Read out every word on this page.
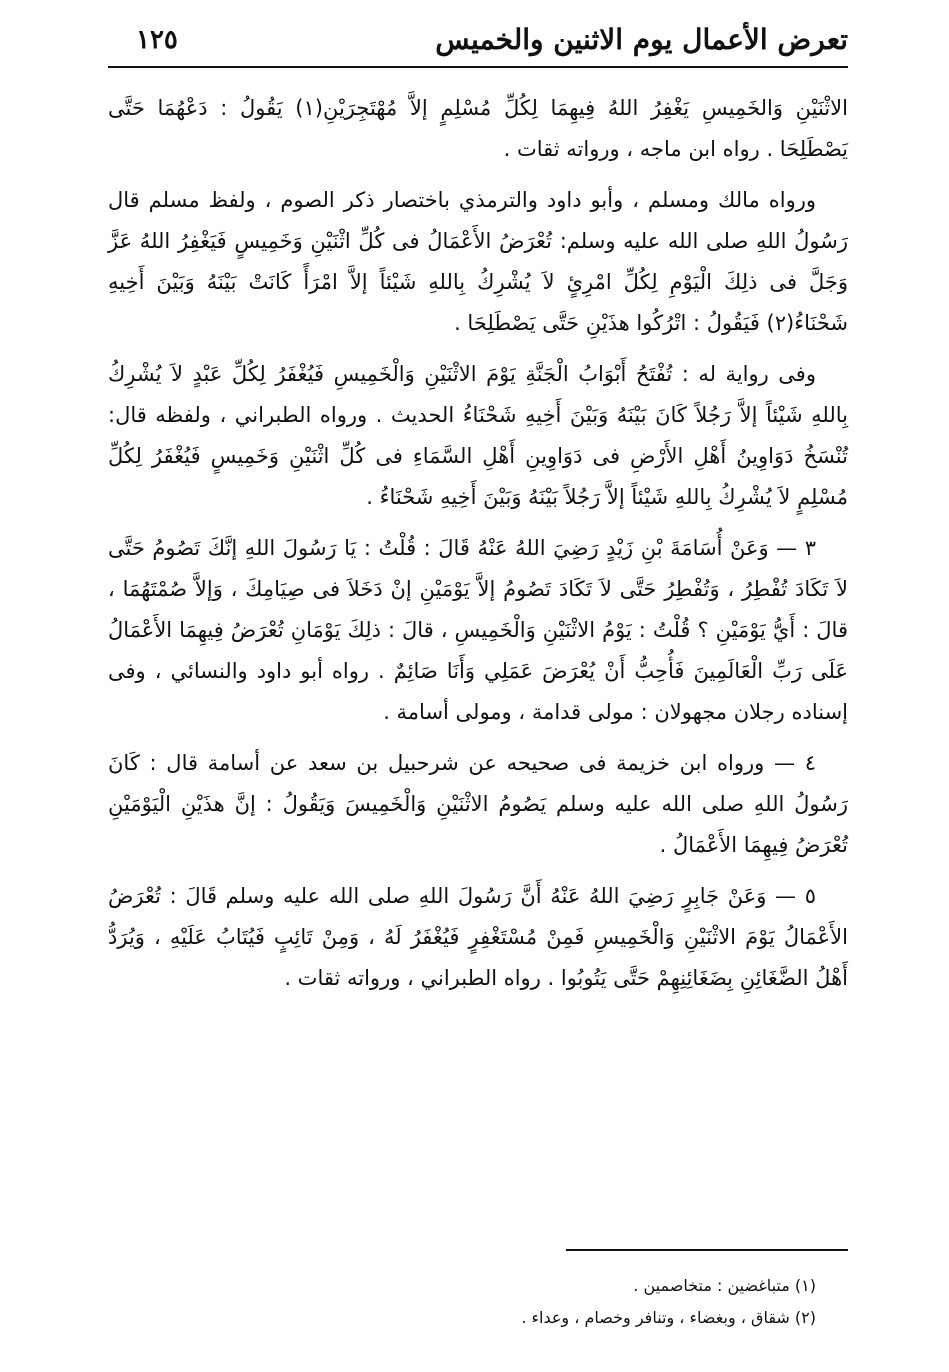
تعرض الأعمال يوم الاثنين والخميس
١٢٥

الاثْنَيْنِ وَالخَمِيسِ يَغْفِرُ اللهُ فِيهِمَا لِكُلِّ مُسْلِمٍ إلاَّ مُهْتَجِرَيْنِ(١) يَقُولُ : دَعْهُمَا حَتَّى يَصْطَلِحَا . رواه ابن ماجه ، ورواته ثقات .

ورواه مالك ومسلم ، وأبو داود والترمذي باختصار ذكر الصوم ، ولفظ مسلم قال رَسُولُ اللهِ صلى الله عليه وسلم: تُعْرَضُ الأَعْمَالُ فى كُلِّ اثْنَيْنِ وَخَمِيسٍ فَيَغْفِرُ اللهُ عَزَّ وَجَلَّ فى ذلِكَ الْيَوْمِ لِكُلِّ امْرِئٍ لاَ يُشْرِكُ بِاللهِ شَيْئاً إلاَّ امْرَأً كَانَتْ بَيْنَهُ وَبَيْنَ أَخِيهِ شَحْنَاءُ(٢) فَيَقُولُ : اتْرُكُوا هذَيْنِ حَتَّى يَصْطَلِحَا .

وفى رواية له : تُفْتَحُ أَبْوَابُ الْجَنَّةِ يَوْمَ الاثْنَيْنِ وَالْخَمِيسِ فَيُغْفَرُ لِكُلِّ عَبْدٍ لاَ يُشْرِكُ بِاللهِ شَيْئاً إلاَّ رَجُلاً كَانَ بَيْنَهُ وَبَيْنَ أَخِيهِ شَحْنَاءُ الحديث . ورواه الطبراني ، ولفظه قال: تُنْسَخُ دَوَاوِينُ أَهْلِ الأَرْضِ فى دَوَاوِينِ أَهْلِ السَّمَاءِ فى كُلِّ اثْنَيْنِ وَخَمِيسٍ فَيُغْفَرُ لِكُلِّ مُسْلِمٍ لاَ يُشْرِكُ بِاللهِ شَيْئاً إلاَّ رَجُلاً بَيْنَهُ وَبَيْنَ أَخِيهِ شَحْنَاءُ .

٣ — وَعَنْ أُسَامَةَ بْنِ زَيْدٍ رَضِيَ اللهُ عَنْهُ قَالَ : قُلْتُ : يَا رَسُولَ اللهِ إنَّكَ تَصُومُ حَتَّى لاَ تَكَادَ تُفْطِرُ ، وَتُفْطِرُ حَتَّى لاَ تَكَادَ تَصُومُ إلاَّ يَوْمَيْنِ إنْ دَخَلاَ فى صِيَامِكَ ، وَإلاَّ صُمْتَهُمَا ، قالَ : أَيُّ يَوْمَيْنِ ؟ قُلْتُ : يَوْمُ الاثْنَيْنِ وَالْخَمِيسِ ، قالَ : ذلِكَ يَوْمَانِ تُعْرَضُ فِيهِمَا الأَعْمَالُ عَلَى رَبِّ الْعَالَمِينَ فَأُحِبُّ أَنْ يُعْرَضَ عَمَلِي وَأَنَا صَائِمٌ . رواه أبو داود والنسائي ، وفى إسناده رجلان مجهولان : مولى قدامة ، ومولى أسامة .

٤ — ورواه ابن خزيمة فى صحيحه عن شرحبيل بن سعد عن أسامة قال : كَانَ رَسُولُ اللهِ صلى الله عليه وسلم يَصُومُ الاثْنَيْنِ وَالْخَمِيسَ وَيَقُولُ : إنَّ هذَيْنِ الْيَوْمَيْنِ تُعْرَضُ فِيهِمَا الأَعْمَالُ .

٥ — وَعَنْ جَابِرٍ رَضِيَ اللهُ عَنْهُ أَنَّ رَسُولَ اللهِ صلى الله عليه وسلم قَالَ : تُعْرَضُ الأَعْمَالُ يَوْمَ الاثْنَيْنِ وَالْخَمِيسِ فَمِنْ مُسْتَغْفِرٍ فَيُغْفَرُ لَهُ ، وَمِنْ تَائِبٍ فَيُتَابُ عَلَيْهِ ، وَيُرَدُّ أَهْلُ الضَّغَائِنِ بِضَغَائِنِهِمْ حَتَّى يَتُوبُوا . رواه الطبراني ، ورواته ثقات .

(١) متباغضين : متخاصمين .

(٢) شقاق ، وبغضاء ، وتنافر وخصام ، وعداء .
